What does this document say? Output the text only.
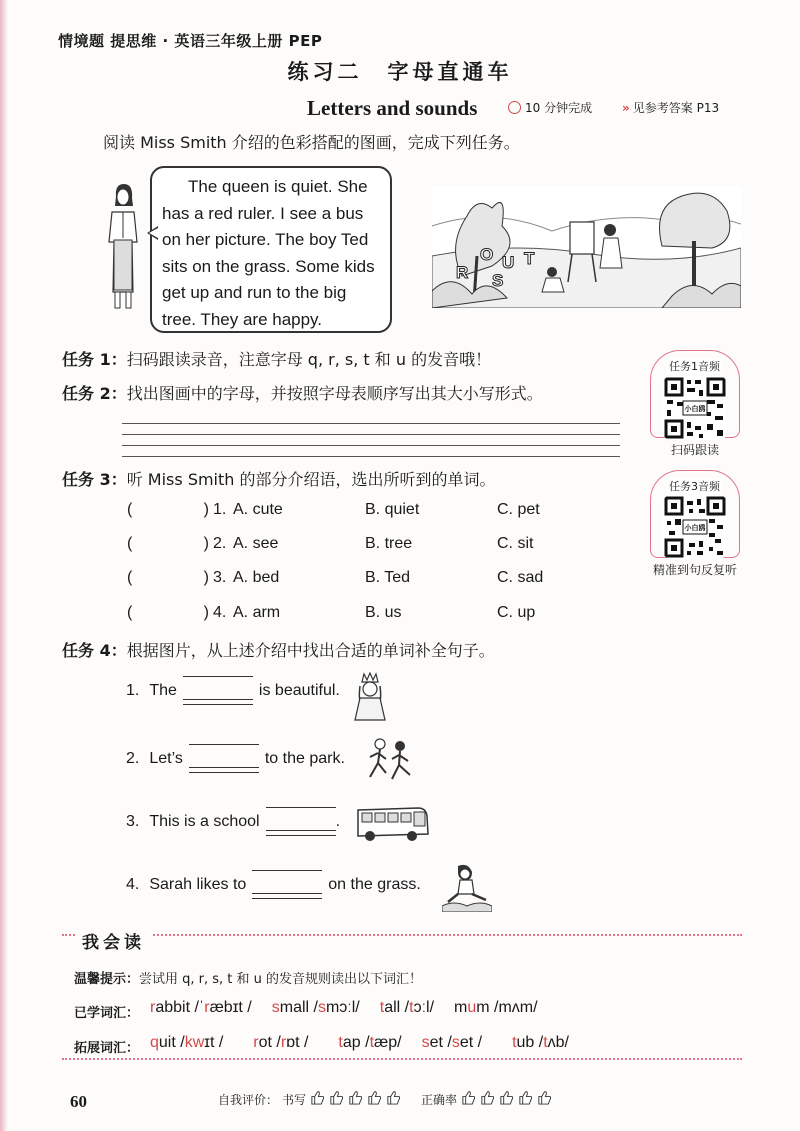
情境题 提思维 · 英语三年级上册 PEP
练习二　字母直通车
Letters and sounds	10 分钟完成 » 见参考答案 P13
阅读 Miss Smith 介绍的色彩搭配的图画，完成下列任务。
The queen is quiet. She
has a red ruler. I see a bus
on her picture. The boy Ted
sits on the grass. Some kids
get up and run to the big
tree. They are happy.
R
O U
S
T
任务 1：扫码跟读录音，注意字母 q, r, s, t 和 u 的发音哦！
任务 2：找出图画中的字母，并按照字母表顺序写出其大小写形式。
任务1音频
小白鸥
扫码跟读
任务3音频
小白鸥
精准到句反复听
任务 3：听 Miss Smith 的部分介绍语，选出所听到的单词。
(	) 1. A. cute	B. quiet	C. pet
(	) 2. A. see	B. tree	C. sit
(	) 3. A. bed	B. Ted	C. sad
(	) 4. A. arm	B. us	C. up
任务 4：根据图片，从上述介绍中找出合适的单词补全句子。
1. The	is beautiful.
2. Let’s	to the park.
3. This is a school	.
4. Sarah likes to	on the grass.
我会读
温馨提示：尝试用 q, r, s, t 和 u 的发音规则读出以下词汇！
已学词汇： rabbit /ˈræbɪt / small /smɔːl/ tall /tɔːl/ mum /mʌm/
拓展词汇： quit /kwɪt / rot /rɒt / tap /tæp/ set /set / tub /tʌb/
60	自我评价： 书写	正确率
